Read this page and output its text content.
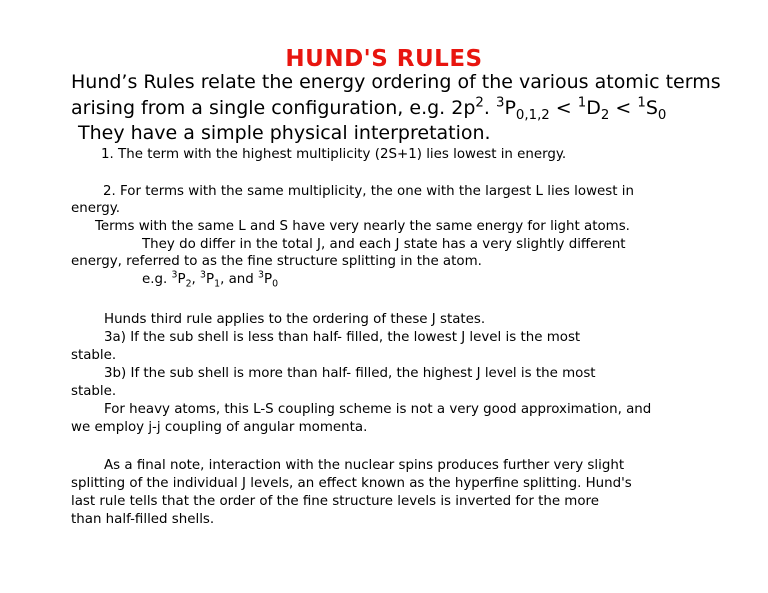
HUND'S RULES
Hund’s Rules relate the energy ordering of the various atomic terms
arising from a single configuration, e.g. $2p^2$. $^3P_{0,1,2} < ^1D_2 < ^1S_0$
They have a simple physical interpretation.
1. The term with the highest multiplicity (2S+1) lies lowest in energy.
2. For terms with the same multiplicity, the one with the largest L lies lowest in
energy.
Terms with the same L and S have very nearly the same energy for light atoms.
They do differ in the total J, and each J state has a very slightly different
energy, referred to as the fine structure splitting in the atom.
e.g. $^3P_2$, $^3P_1$, and $^3P_0$
Hunds third rule applies to the ordering of these J states.
3a) If the sub shell is less than half- filled, the lowest J level is the most
stable.
3b) If the sub shell is more than half- filled, the highest J level is the most
stable.
For heavy atoms, this L-S coupling scheme is not a very good approximation, and
we employ j-j coupling of angular momenta.
As a final note, interaction with the nuclear spins produces further very slight
splitting of the individual J levels, an effect known as the hyperfine splitting. Hund's
last rule tells that the order of the fine structure levels is inverted for the more
than half-filled shells.
